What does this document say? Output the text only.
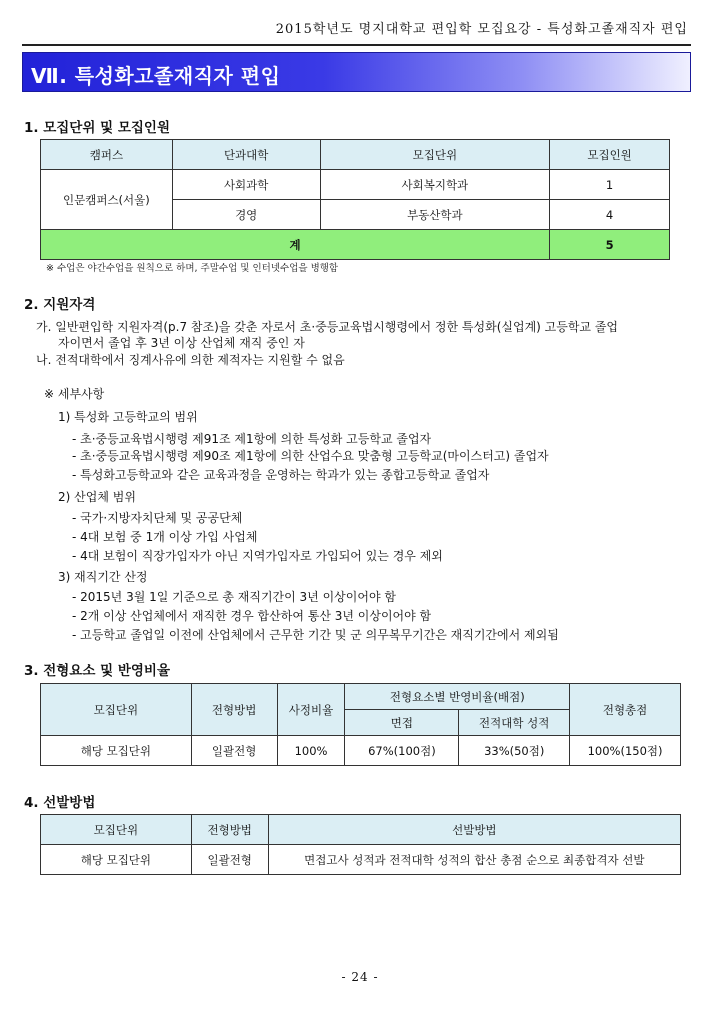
2015학년도 명지대학교 편입학 모집요강 - 특성화고졸재직자 편입
Ⅶ. 특성화고졸재직자 편입
1. 모집단위 및 모집인원
캠퍼스	단과대학	모집단위	모집인원
인문캠퍼스(서울)	사회과학	사회복지학과	1
	경영	부동산학과	4
계			5
※ 수업은 야간수업을 원칙으로 하며, 주말수업 및 인터넷수업을 병행함
2. 지원자격
가. 일반편입학 지원자격(p.7 참조)을 갖춘 자로서 초·중등교육법시행령에서 정한 특성화(실업계) 고등학교 졸업
자이면서 졸업 후 3년 이상 산업체 재직 중인 자
나. 전적대학에서 징계사유에 의한 제적자는 지원할 수 없음
※ 세부사항
1) 특성화 고등학교의 범위
- 초·중등교육법시행령 제91조 제1항에 의한 특성화 고등학교 졸업자
- 초·중등교육법시행령 제90조 제1항에 의한 산업수요 맞춤형 고등학교(마이스터고) 졸업자
- 특성화고등학교와 같은 교육과정을 운영하는 학과가 있는 종합고등학교 졸업자
2) 산업체 범위
- 국가·지방자치단체 및 공공단체
- 4대 보험 중 1개 이상 가입 사업체
- 4대 보험이 직장가입자가 아닌 지역가입자로 가입되어 있는 경우 제외
3) 재직기간 산정
- 2015년 3월 1일 기준으로 총 재직기간이 3년 이상이어야 함
- 2개 이상 산업체에서 재직한 경우 합산하여 통산 3년 이상이어야 함
- 고등학교 졸업일 이전에 산업체에서 근무한 기간 및 군 의무복무기간은 재직기간에서 제외됨
3. 전형요소 및 반영비율
모집단위	전형방법	사정비율	전형요소별 반영비율(배점)		전형총점
			면접	전적대학 성적	
해당 모집단위	일괄전형	100%	67%(100점)	33%(50점)	100%(150점)
4. 선발방법
모집단위	전형방법	선발방법
해당 모집단위	일괄전형	면접고사 성적과 전적대학 성적의 합산 총점 순으로 최종합격자 선발
- 24 -
